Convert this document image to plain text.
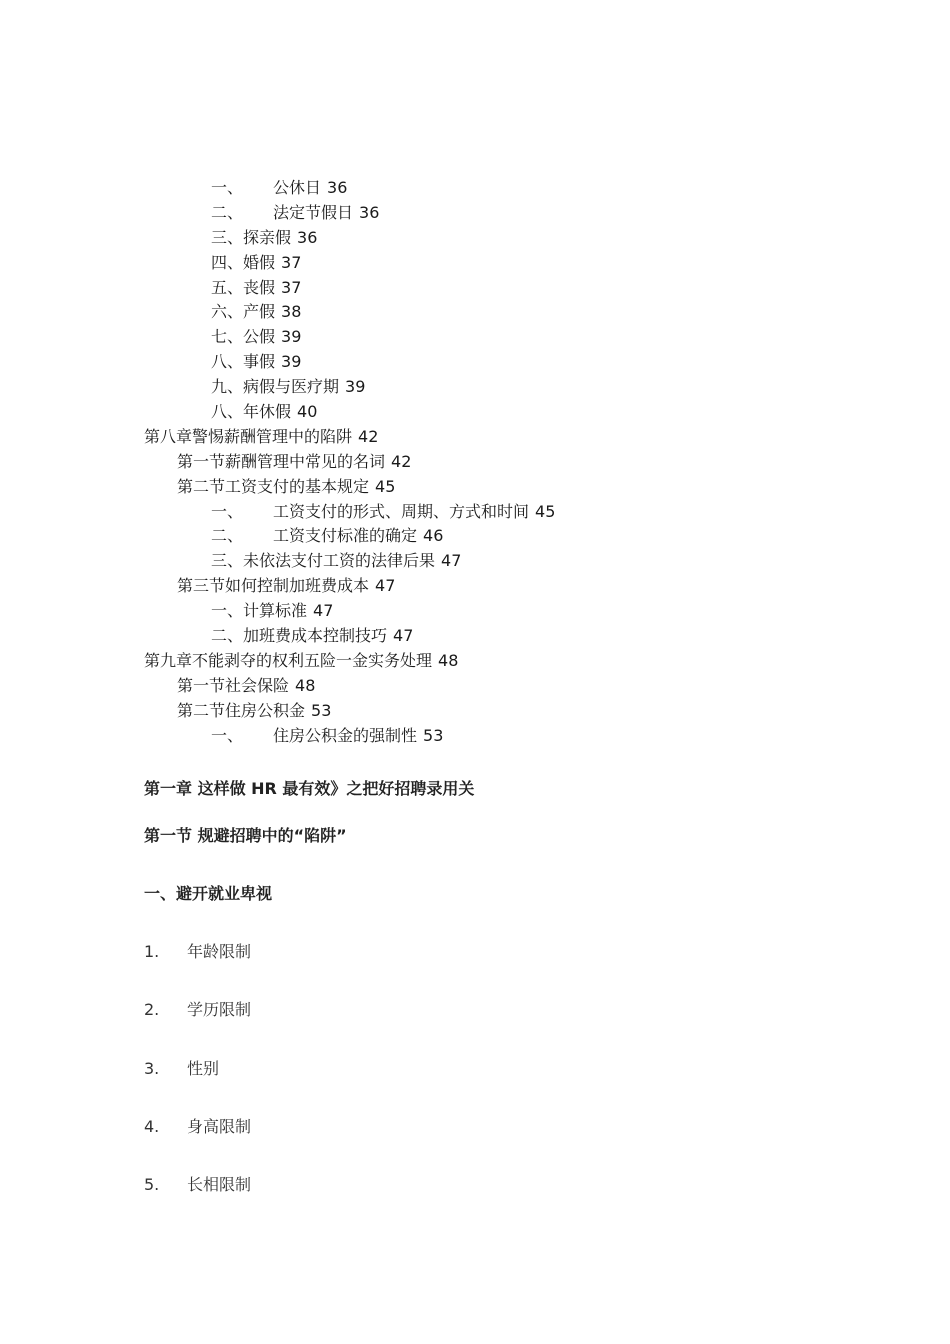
一、 公休日 36
二、 法定节假日 36
三、探亲假 36
四、婚假 37
五、丧假 37
六、产假 38
七、公假 39
八、事假 39
九、病假与医疗期 39
八、年休假 40
第八章警惕薪酬管理中的陷阱 42
第一节薪酬管理中常见的名词 42
第二节工资支付的基本规定 45
一、 工资支付的形式、周期、方式和时间 45
二、 工资支付标准的确定 46
三、未依法支付工资的法律后果 47
第三节如何控制加班费成本 47
一、计算标准 47
二、加班费成本控制技巧 47
第九章不能剥夺的权利五险一金实务处理 48
第一节社会保险 48
第二节住房公积金 53
一、 住房公积金的强制性 53
第一章 这样做 HR 最有效》之把好招聘录用关
第一节 规避招聘中的“陷阱”
一、避开就业卑视
1. 年龄限制
2. 学历限制
3. 性别
4. 身高限制
5. 长相限制
